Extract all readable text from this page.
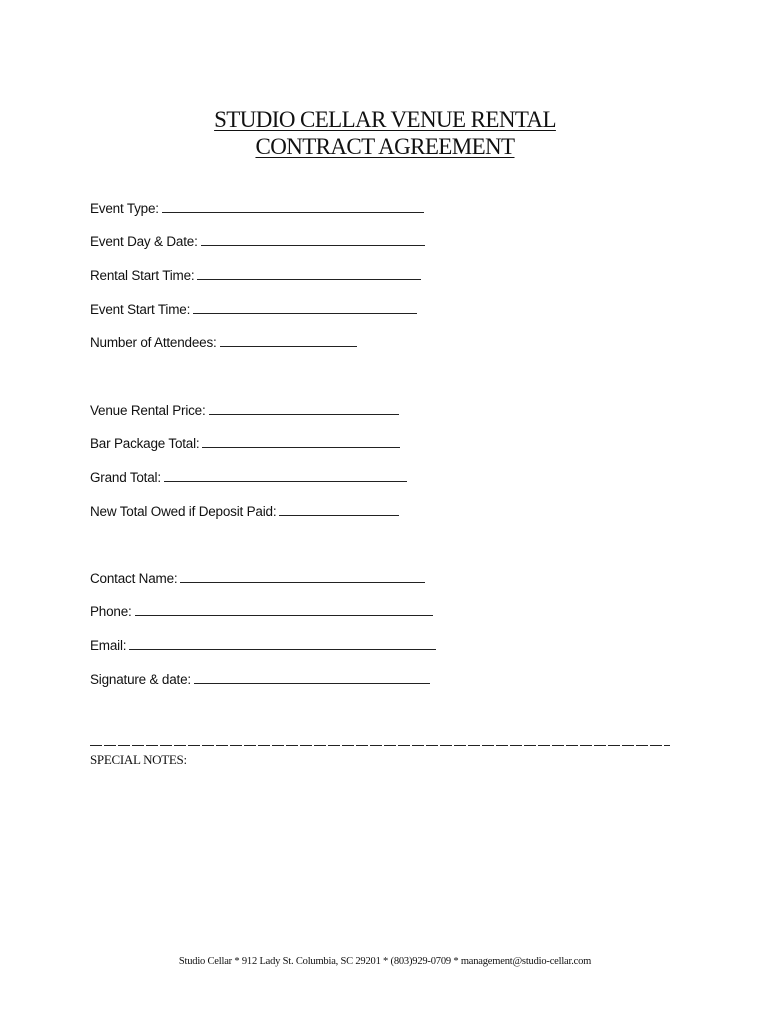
STUDIO CELLAR VENUE RENTAL
CONTRACT AGREEMENT
Event Type:
Event Day & Date:
Rental Start Time:
Event Start Time:
Number of Attendees:
Venue Rental Price:
Bar Package Total:
Grand Total:
New Total Owed if Deposit Paid:
Contact Name:
Phone:
Email:
Signature & date:
SPECIAL NOTES:
Studio Cellar * 912 Lady St. Columbia, SC 29201 * (803)929-0709 * management@studio-cellar.com
